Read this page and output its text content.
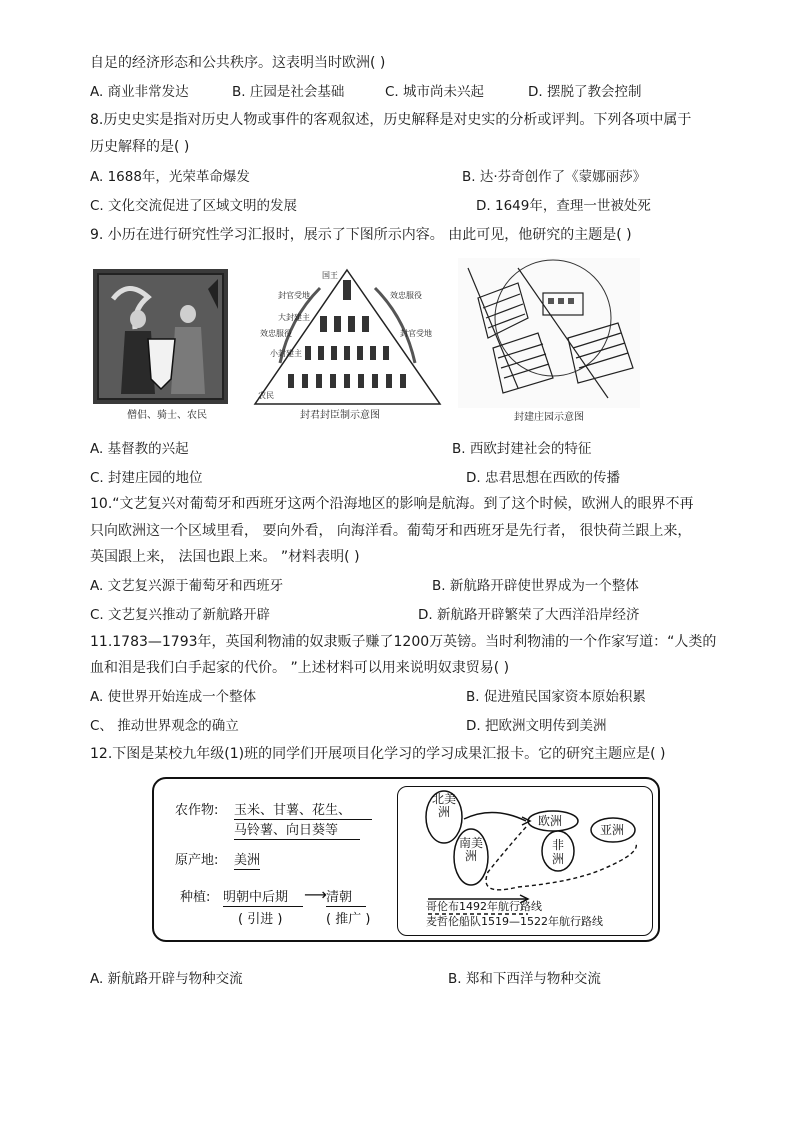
自足的经济形态和公共秩序。这表明当时欧洲( )
A. 商业非常发达	B. 庄园是社会基础	C. 城市尚未兴起	D. 摆脱了教会控制
8.历史史实是指对历史人物或事件的客观叙述，历史解释是对史实的分析或评判。下列各项中属于
历史解释的是( )
A. 1688年，光荣革命爆发	B. 达·芬奇创作了《蒙娜丽莎》
C. 文化交流促进了区域文明的发展	D. 1649年，查理一世被处死
9. 小历在进行研究性学习汇报时，展示了下图所示内容。 由此可见，他研究的主题是( )
僧侣、骑士、农民
国王
大封建主
小封建主
农民
封官受地
效忠服役
效忠服役
封官受地
封君封臣制示意图	封建庄园示意图
A. 基督教的兴起	B. 西欧封建社会的特征
C. 封建庄园的地位	D. 忠君思想在西欧的传播
10.“文艺复兴对葡萄牙和西班牙这两个沿海地区的影响是航海。到了这个时候，欧洲人的眼界不再
只向欧洲这一个区域里看， 要向外看， 向海洋看。葡萄牙和西班牙是先行者， 很快荷兰跟上来，
英国跟上来， 法国也跟上来。 ”材料表明( )
A. 文艺复兴源于葡萄牙和西班牙	B. 新航路开辟使世界成为一个整体
C. 文艺复兴推动了新航路开辟	D. 新航路开辟繁荣了大西洋沿岸经济
11.1783—1793年，英国利物浦的奴隶贩子赚了1200万英镑。当时利物浦的一个作家写道：“人类的
血和泪是我们白手起家的代价。 ”上述材料可以用来说明奴隶贸易( )
A. 使世界开始连成一个整体	B. 促进殖民国家资本原始积累
C、 推动世界观念的确立	D. 把欧洲文明传到美洲
12.下图是某校九年级(1)班的同学们开展项目化学习的学习成果汇报卡。它的研究主题应是( )
农作物: 玉米、甘薯、花生、
马铃薯、向日葵等
原产地: 美洲
种植: 明朝中后期 ⟶ 清朝
( 引进 )	( 推广 )
北美洲
南美洲
欧洲
亚洲
非洲
哥伦布1492年航行路线
麦哲伦船队1519—1522年航行路线
A. 新航路开辟与物种交流	B. 郑和下西洋与物种交流
